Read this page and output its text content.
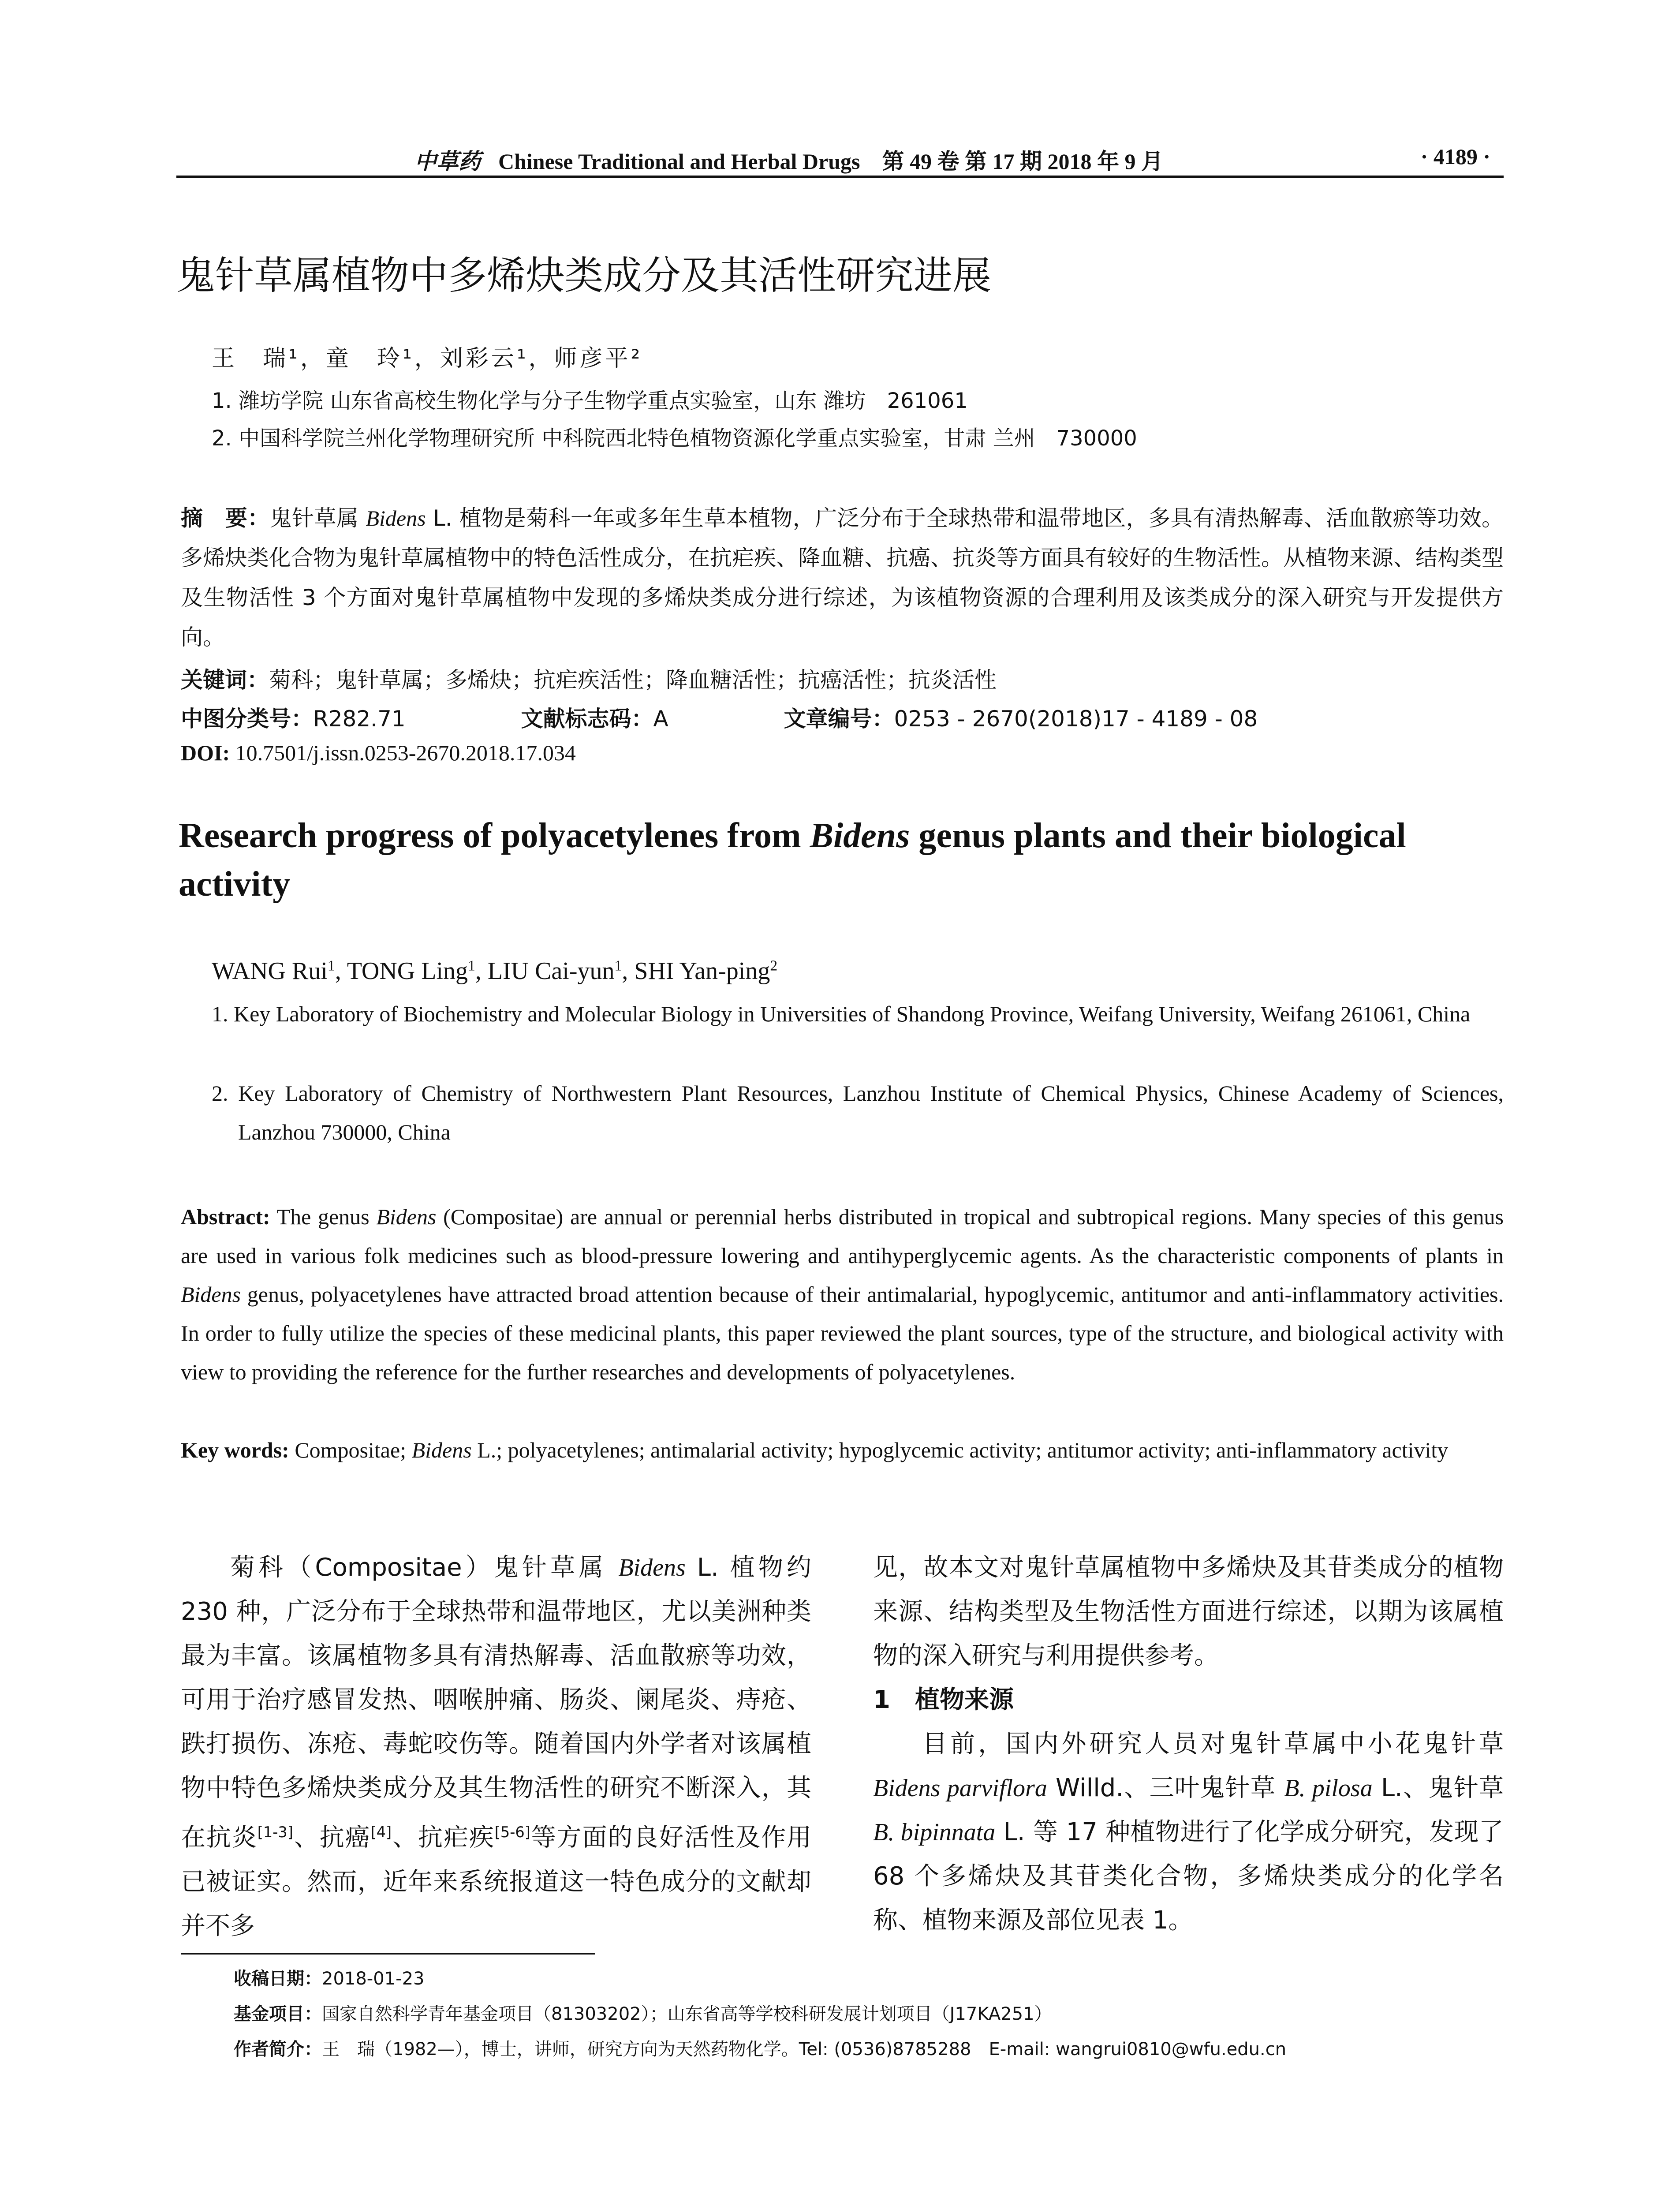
中草药 Chinese Traditional and Herbal Drugs　第 49 卷 第 17 期 2018 年 9 月	· 4189 ·
鬼针草属植物中多烯炔类成分及其活性研究进展
王　瑞¹，童　玲¹，刘彩云¹，师彦平²
1. 潍坊学院 山东省高校生物化学与分子生物学重点实验室，山东 潍坊　261061
2. 中国科学院兰州化学物理研究所 中科院西北特色植物资源化学重点实验室，甘肃 兰州　730000
摘　要：鬼针草属 Bidens L. 植物是菊科一年或多年生草本植物，广泛分布于全球热带和温带地区，多具有清热解毒、活血散瘀等功效。多烯炔类化合物为鬼针草属植物中的特色活性成分，在抗疟疾、降血糖、抗癌、抗炎等方面具有较好的生物活性。从植物来源、结构类型及生物活性 3 个方面对鬼针草属植物中发现的多烯炔类成分进行综述，为该植物资源的合理利用及该类成分的深入研究与开发提供方向。
关键词：菊科；鬼针草属；多烯炔；抗疟疾活性；降血糖活性；抗癌活性；抗炎活性
中图分类号：R282.71	文献标志码：A	文章编号：0253 - 2670(2018)17 - 4189 - 08
DOI: 10.7501/j.issn.0253-2670.2018.17.034
Research progress of polyacetylenes from Bidens genus plants and their biological activity
WANG Rui$^1$, TONG Ling$^1$, LIU Cai-yun$^1$, SHI Yan-ping$^2$
1. Key Laboratory of Biochemistry and Molecular Biology in Universities of Shandong Province, Weifang University, Weifang 261061, China
2. Key Laboratory of Chemistry of Northwestern Plant Resources, Lanzhou Institute of Chemical Physics, Chinese Academy of Sciences, Lanzhou 730000, China
Abstract: The genus Bidens (Compositae) are annual or perennial herbs distributed in tropical and subtropical regions. Many species of this genus are used in various folk medicines such as blood-pressure lowering and antihyperglycemic agents. As the characteristic components of plants in Bidens genus, polyacetylenes have attracted broad attention because of their antimalarial, hypoglycemic, antitumor and anti-inflammatory activities. In order to fully utilize the species of these medicinal plants, this paper reviewed the plant sources, type of the structure, and biological activity with view to providing the reference for the further researches and developments of polyacetylenes.
Key words: Compositae; Bidens L.; polyacetylenes; antimalarial activity; hypoglycemic activity; antitumor activity; anti-inflammatory activity

菊科（Compositae）鬼针草属 Bidens L. 植物约 230 种，广泛分布于全球热带和温带地区，尤以美洲种类最为丰富。该属植物多具有清热解毒、活血散瘀等功效，可用于治疗感冒发热、咽喉肿痛、肠炎、阑尾炎、痔疮、跌打损伤、冻疮、毒蛇咬伤等。随着国内外学者对该属植物中特色多烯炔类成分及其生物活性的研究不断深入，其在抗炎[1-3]、抗癌[4]、抗疟疾[5-6]等方面的良好活性及作用已被证实。然而，近年来系统报道这一特色成分的文献却并不多

见，故本文对鬼针草属植物中多烯炔及其苷类成分的植物来源、结构类型及生物活性方面进行综述，以期为该属植物的深入研究与利用提供参考。

1　植物来源

目前，国内外研究人员对鬼针草属中小花鬼针草 Bidens parviflora Willd.、三叶鬼针草 B. pilosa L.、鬼针草 B. bipinnata L. 等 17 种植物进行了化学成分研究，发现了 68 个多烯炔及其苷类化合物，多烯炔类成分的化学名称、植物来源及部位见表 1。

收稿日期：2018-01-23
基金项目：国家自然科学青年基金项目（81303202）；山东省高等学校科研发展计划项目（J17KA251）
作者简介：王　瑞（1982—），博士，讲师，研究方向为天然药物化学。Tel: (0536)8785288　E-mail: wangrui0810@wfu.edu.cn
